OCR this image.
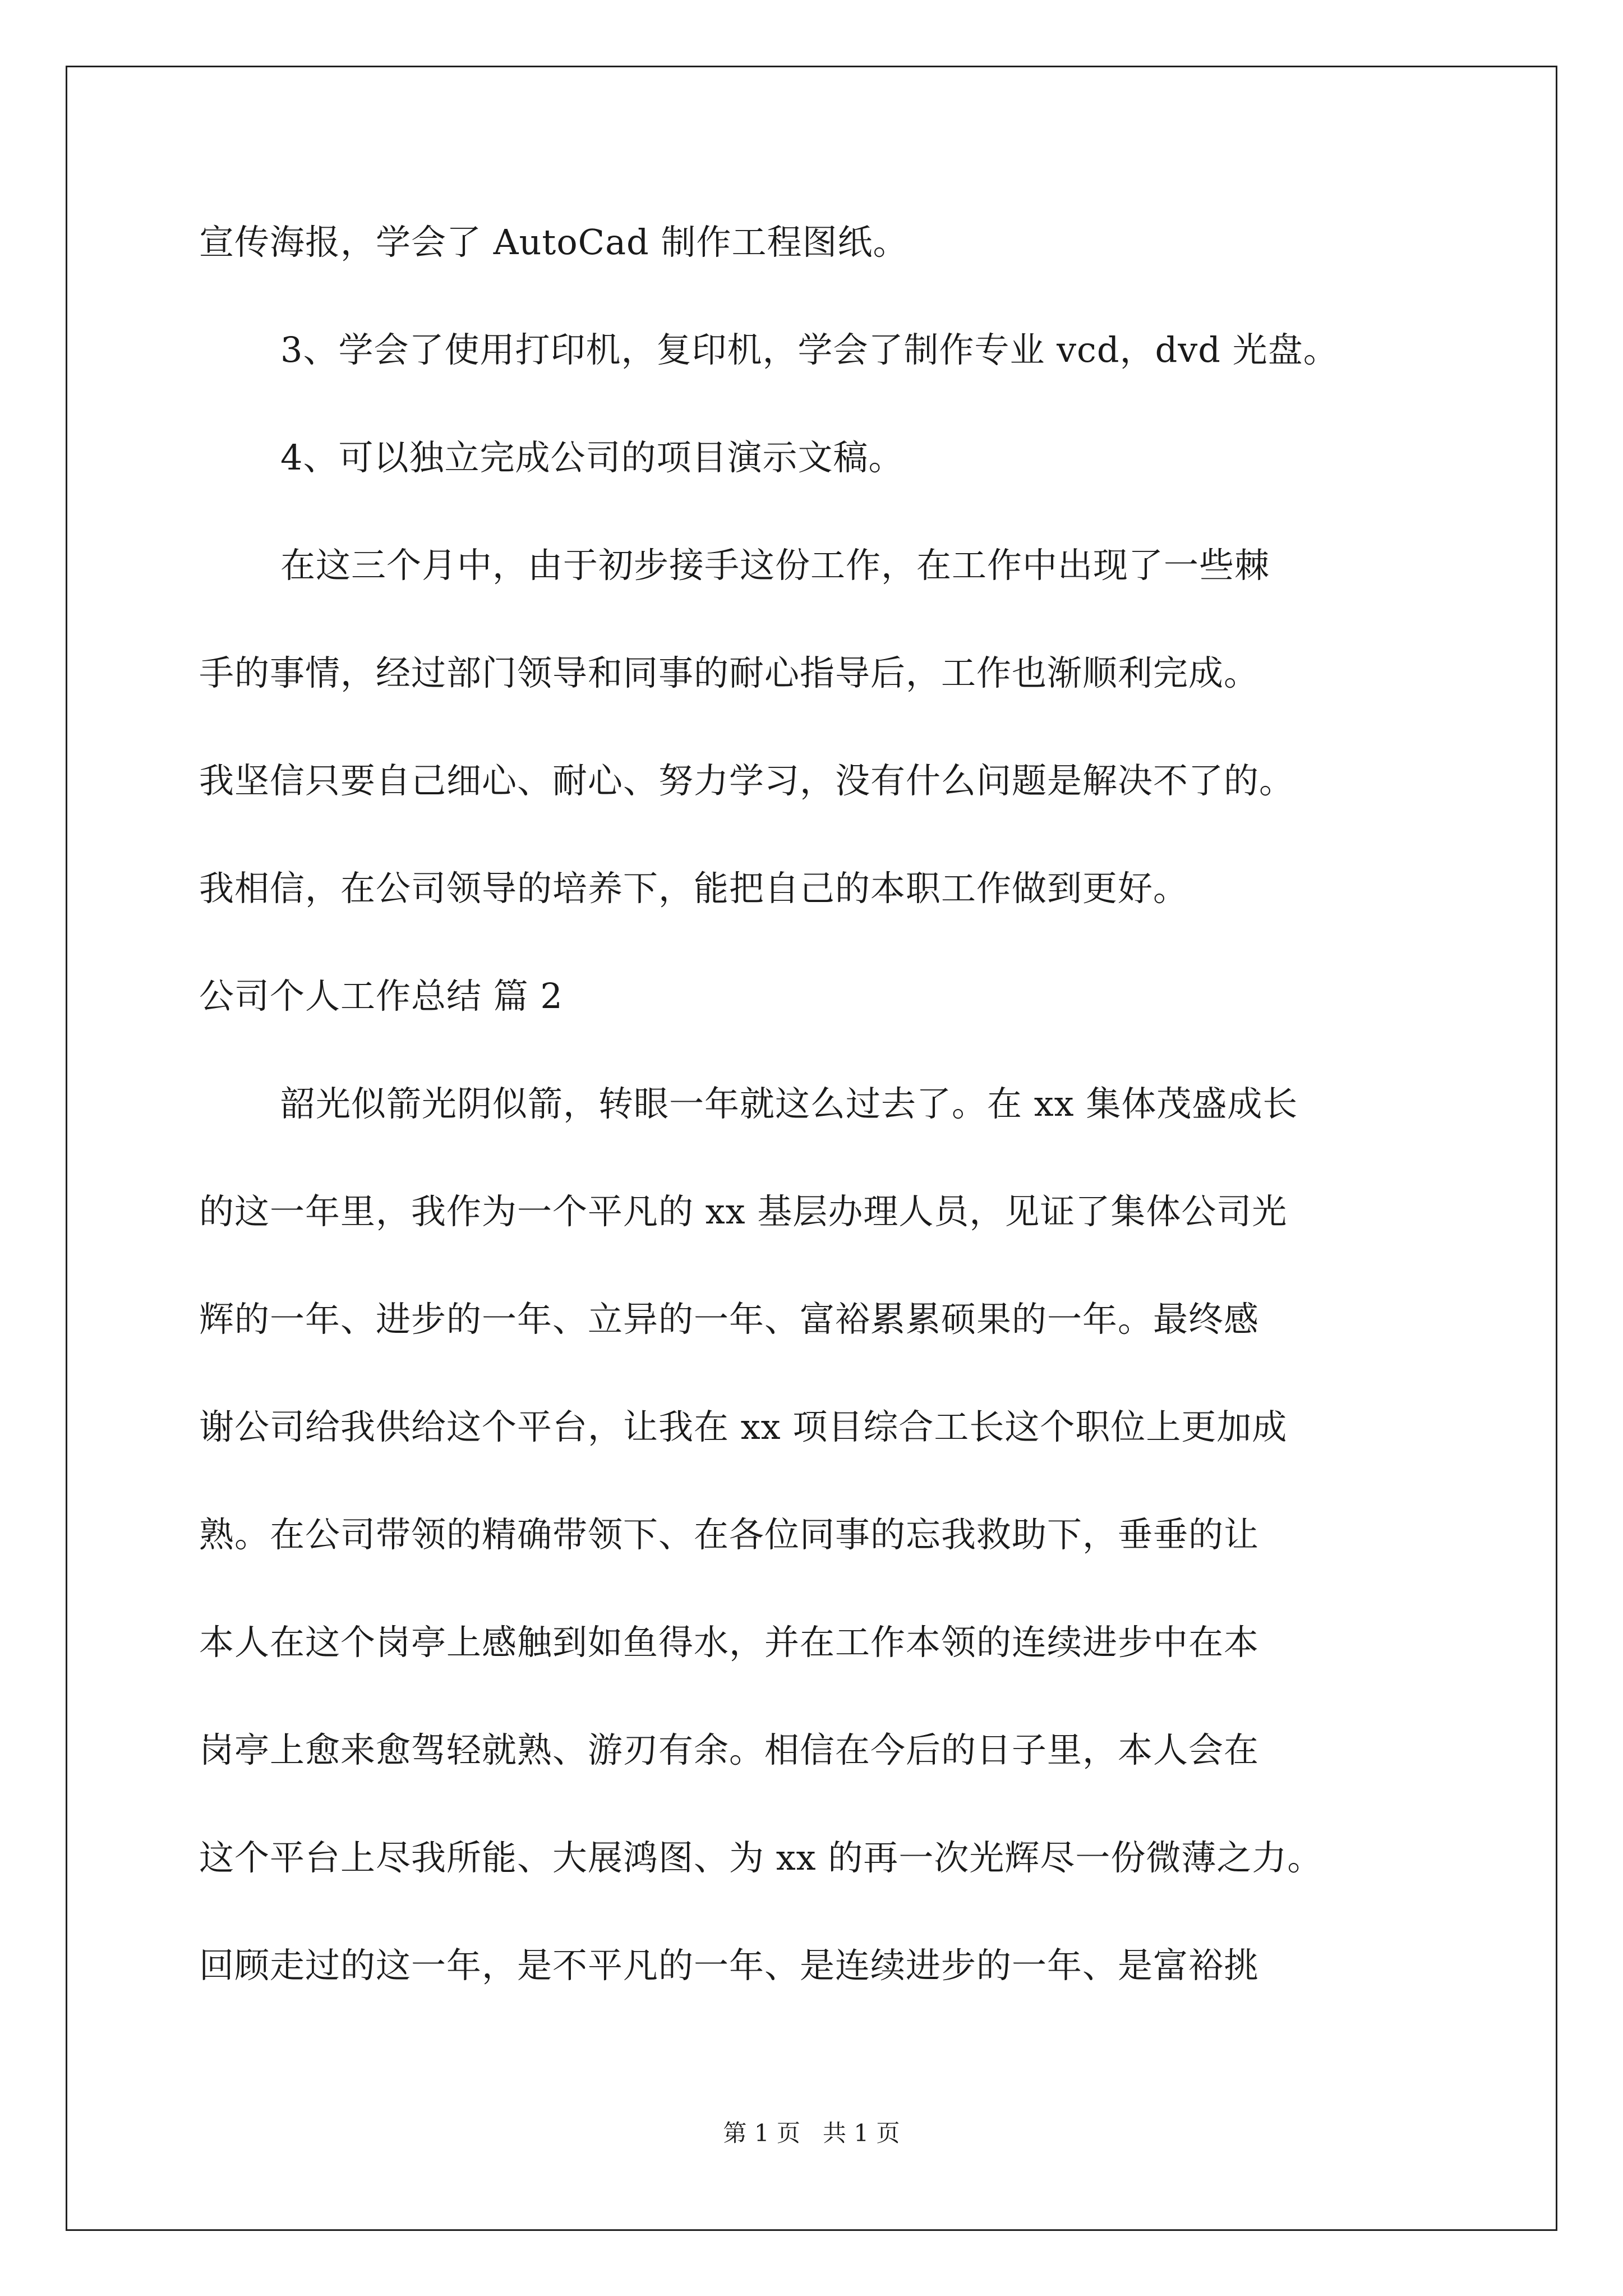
宣传海报，学会了 AutoCad 制作工程图纸。

3、学会了使用打印机，复印机，学会了制作专业 vcd，dvd 光盘。

4、可以独立完成公司的项目演示文稿。

在这三个月中，由于初步接手这份工作，在工作中出现了一些棘

手的事情，经过部门领导和同事的耐心指导后，工作也渐顺利完成。

我坚信只要自己细心、耐心、努力学习，没有什么问题是解决不了的。

我相信，在公司领导的培养下，能把自己的本职工作做到更好。

公司个人工作总结 篇 2

韶光似箭光阴似箭，转眼一年就这么过去了。在 xx 集体茂盛成长

的这一年里，我作为一个平凡的 xx 基层办理人员，见证了集体公司光

辉的一年、进步的一年、立异的一年、富裕累累硕果的一年。最终感

谢公司给我供给这个平台，让我在 xx 项目综合工长这个职位上更加成

熟。在公司带领的精确带领下、在各位同事的忘我救助下，垂垂的让

本人在这个岗亭上感触到如鱼得水，并在工作本领的连续进步中在本

岗亭上愈来愈驾轻就熟、游刃有余。相信在今后的日子里，本人会在

这个平台上尽我所能、大展鸿图、为 xx 的再一次光辉尽一份微薄之力。

回顾走过的这一年，是不平凡的一年、是连续进步的一年、是富裕挑

第 1 页   共 1 页
